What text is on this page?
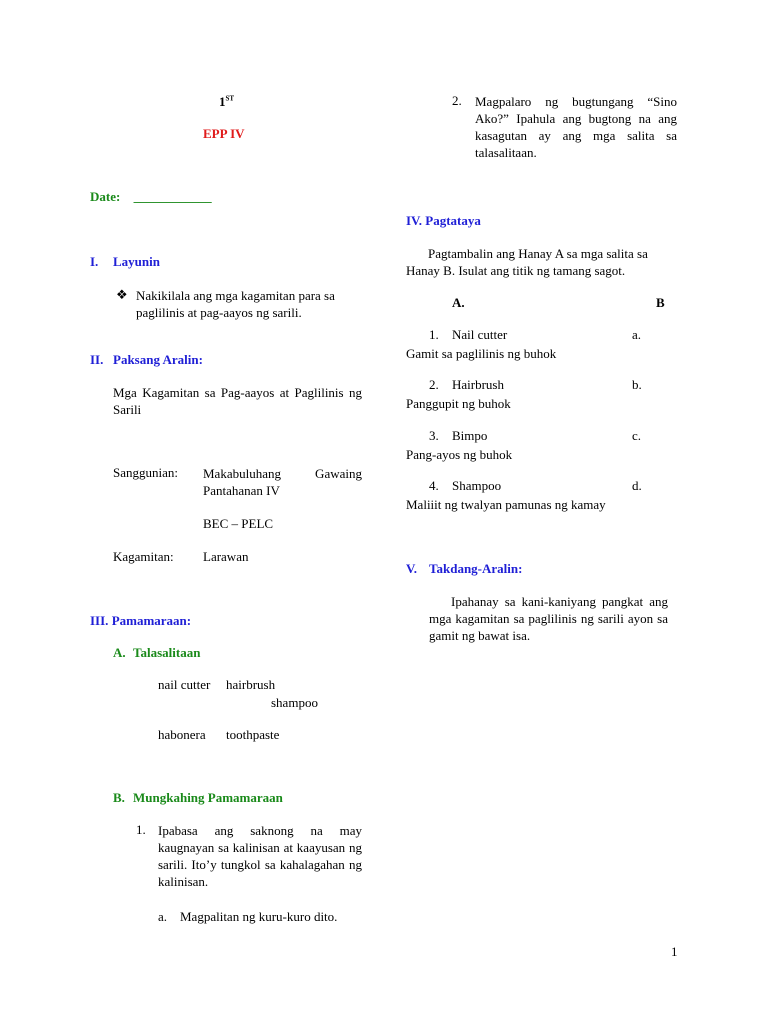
1ST
EPP IV
Date: ____________
I. Layunin
❖ Nakikilala ang mga kagamitan para sa paglilinis at pag-aayos ng sarili.
II. Paksang Aralin:
Mga Kagamitan sa Pag-aayos at Paglilinis ng Sarili
Sanggunian: Makabuluhang Gawaing Pantahanan IV
BEC – PELC
Kagamitan: Larawan
III. Pamamaraan:
A. Talasalitaan
nail cutter hairbrush
shampoo
habonera toothpaste
B. Mungkahing Pamamaraan
1. Ipabasa ang saknong na may kaugnayan sa kalinisan at kaayusan ng sarili. Ito’y tungkol sa kahalagahan ng kalinisan.
a. Magpalitan ng kuru-kuro dito.
2. Magpalaro ng bugtungang “Sino Ako?” Ipahula ang bugtong na ang kasagutan ay ang mga salita sa talasalitaan.
IV. Pagtataya
Pagtambalin ang Hanay A sa mga salita sa Hanay B. Isulat ang titik ng tamang sagot.
A.	B
1. Nail cutter	a.
Gamit sa paglilinis ng buhok
2. Hairbrush	b.
Panggupit ng buhok
3. Bimpo	c.
Pang-ayos ng buhok
4. Shampoo	d.
Maliiit ng twalyan pamunas ng kamay
V. Takdang-Aralin:
Ipahanay sa kani-kaniyang pangkat ang mga kagamitan sa paglilinis ng sarili ayon sa gamit ng bawat isa.
1
